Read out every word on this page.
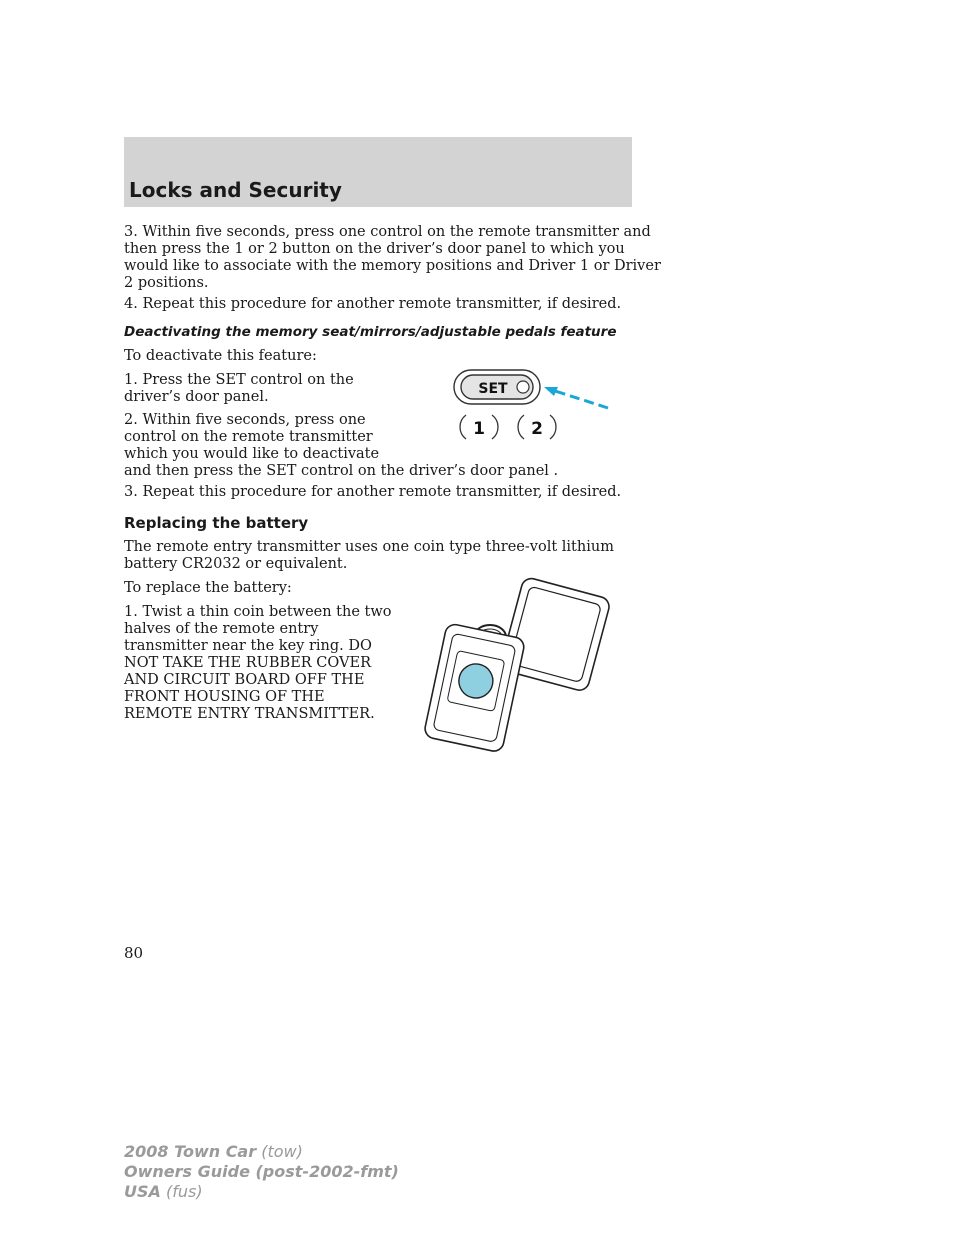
Locks and Security
3. Within five seconds, press one control on the remote transmitter and
then press the 1 or 2 button on the driver’s door panel to which you
would like to associate with the memory positions and Driver 1 or Driver
2 positions.
4. Repeat this procedure for another remote transmitter, if desired.
Deactivating the memory seat/mirrors/adjustable pedals feature
To deactivate this feature:
1. Press the SET control on the
driver’s door panel.
2. Within five seconds, press one
control on the remote transmitter
which you would like to deactivate
and then press the SET control on the driver’s door panel .
3. Repeat this procedure for another remote transmitter, if desired.
Replacing the battery
The remote entry transmitter uses one coin type three-volt lithium
battery CR2032 or equivalent.
To replace the battery:
1. Twist a thin coin between the two
halves of the remote entry
transmitter near the key ring. DO
NOT TAKE THE RUBBER COVER
AND CIRCUIT BOARD OFF THE
FRONT HOUSING OF THE
REMOTE ENTRY TRANSMITTER.
SET
1	2
80
2008 Town Car (tow)
Owners Guide (post-2002-fmt)
USA (fus)
